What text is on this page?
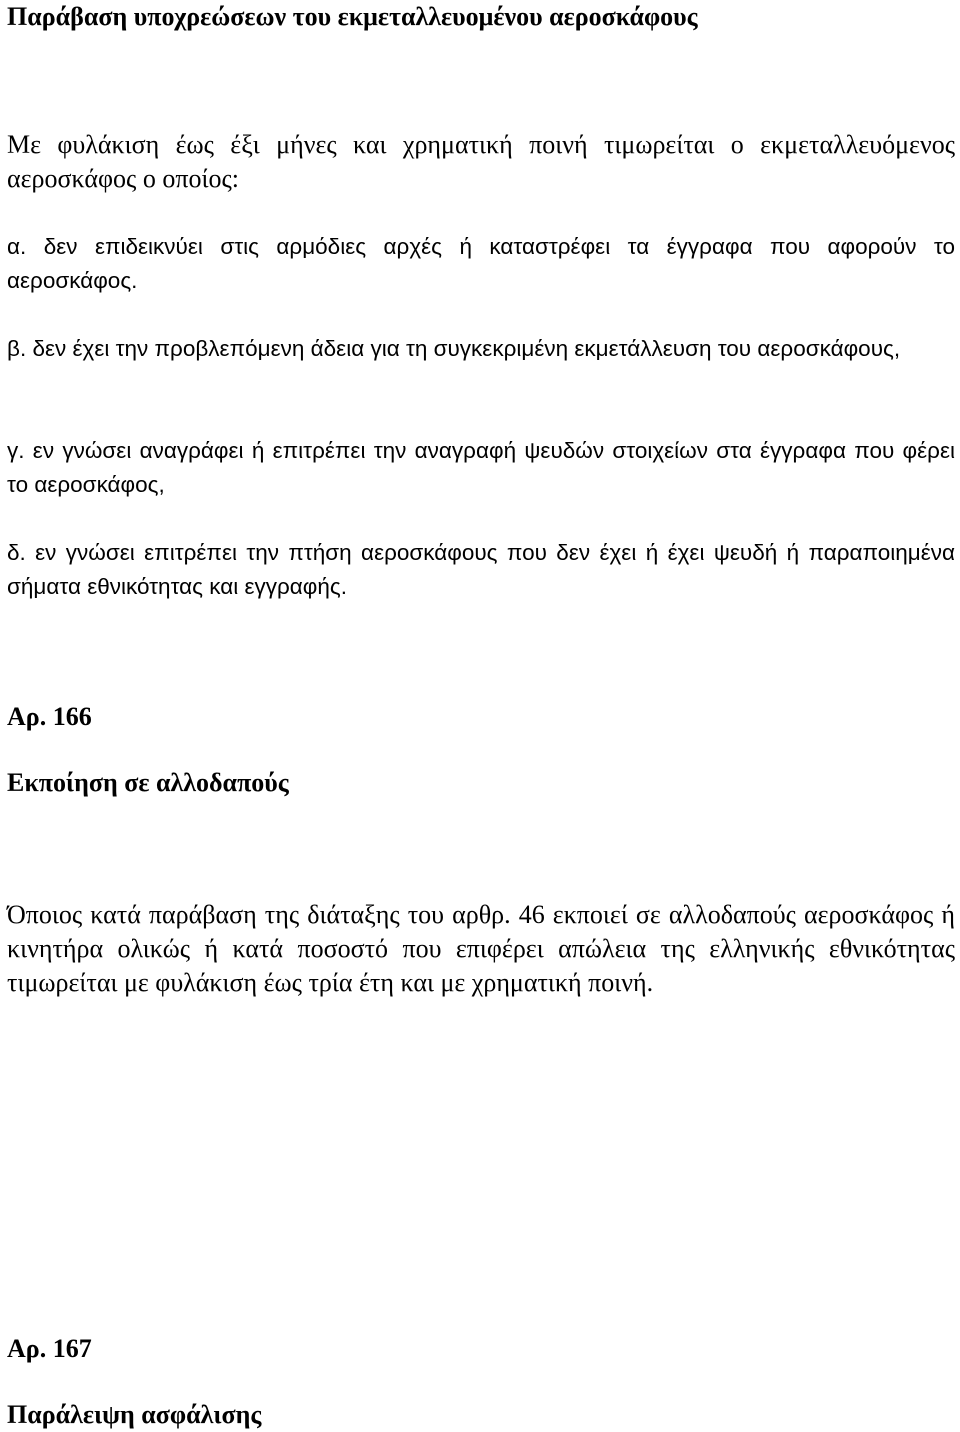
Παράβαση υποχρεώσεων του εκμεταλλευομένου αεροσκάφους

Με φυλάκιση έως έξι μήνες και χρηματική ποινή τιμωρείται ο εκμεταλλευόμενος αεροσκάφος ο οποίος:

α. δεν επιδεικνύει στις αρμόδιες αρχές ή καταστρέφει τα έγγραφα που αφορούν το αεροσκάφος.

β. δεν έχει την προβλεπόμενη άδεια για τη συγκεκριμένη εκμετάλλευση του αεροσκάφους,

γ. εν γνώσει αναγράφει ή επιτρέπει την αναγραφή ψευδών στοιχείων στα έγγραφα που φέρει το αεροσκάφος,

δ. εν γνώσει επιτρέπει την πτήση αεροσκάφους που δεν έχει ή έχει ψευδή ή παραποιημένα σήματα εθνικότητας και εγγραφής.

Αρ. 166
Εκποίηση σε αλλοδαπούς

Όποιος κατά παράβαση της διάταξης του αρθρ. 46 εκποιεί σε αλλοδαπούς αεροσκάφος ή κινητήρα ολικώς ή κατά ποσοστό που επιφέρει απώλεια της ελληνικής εθνικότητας τιμωρείται με φυλάκιση έως τρία έτη και με χρηματική ποινή.

Αρ. 167
Παράλειψη ασφάλισης
